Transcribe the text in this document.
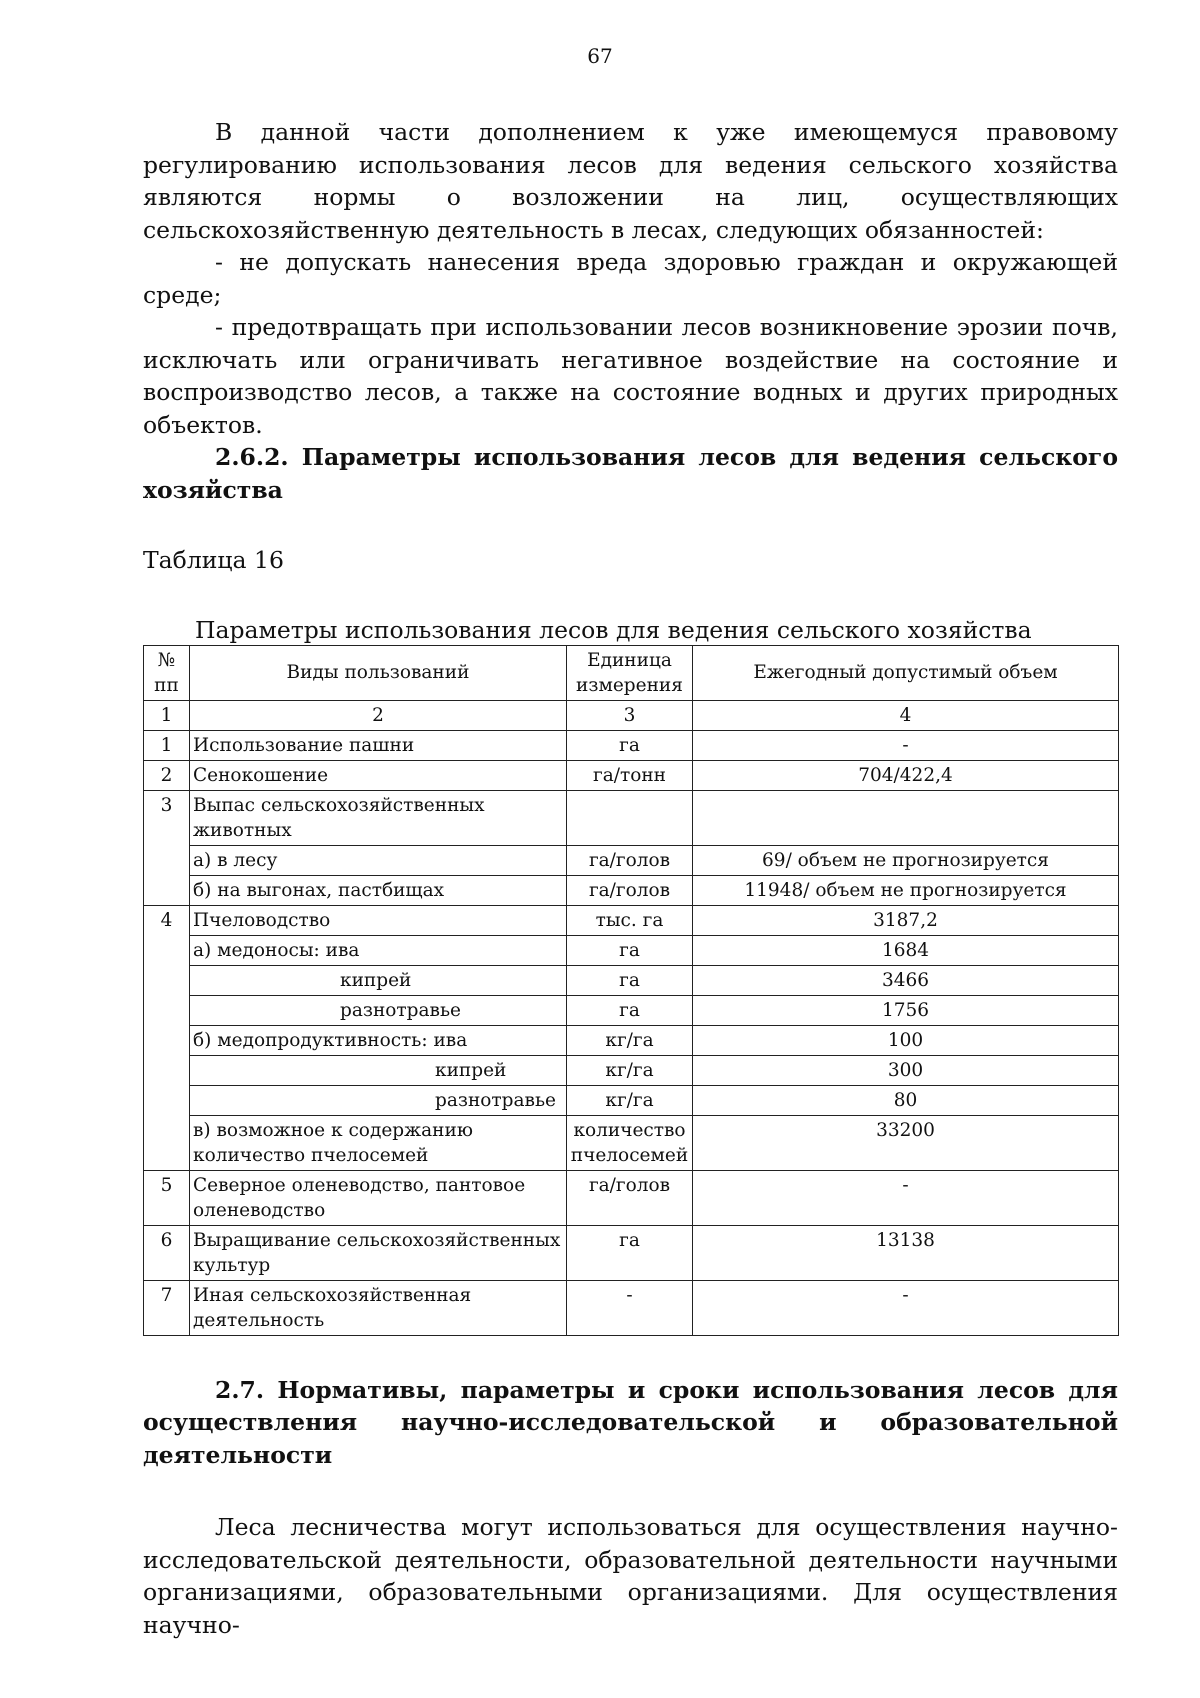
67

В данной части дополнением к уже имеющемуся правовому регулированию использования лесов для ведения сельского хозяйства являются нормы о возложении на лиц, осуществляющих сельскохозяйственную деятельность в лесах, следующих обязанностей:

- не допускать нанесения вреда здоровью граждан и окружающей среде;

- предотвращать при использовании лесов возникновение эрозии почв, исключать или ограничивать негативное воздействие на состояние и воспроизводство лесов, а также на состояние водных и других природных объектов.

2.6.2. Параметры использования лесов для ведения сельского хозяйства

Таблица 16

Параметры использования лесов для ведения сельского хозяйства

№ пп	Виды пользований	Единица измерения	Ежегодный допустимый объем
1	2	3	4
1	Использование пашни	га	-
2	Сенокошение	га/тонн	704/422,4
3	Выпас сельскохозяйственных животных		
	а) в лесу	га/голов	69/ объем не прогнозируется
	б) на выгонах, пастбищах	га/голов	11948/ объем не прогнозируется
4	Пчеловодство	тыс. га	3187,2
	а) медоносы: ива	га	1684
	кипрей	га	3466
	разнотравье	га	1756
	б) медопродуктивность: ива	кг/га	100
	кипрей	кг/га	300
	разнотравье	кг/га	80
	в) возможное к содержанию количество пчелосемей	количество пчелосемей	33200
5	Северное оленеводство, пантовое оленеводство	га/голов	-
6	Выращивание сельскохозяйственных культур	га	13138
7	Иная сельскохозяйственная деятельность	-	-
2.7. Нормативы, параметры и сроки использования лесов для осуществления научно-исследовательской и образовательной деятельности

Леса лесничества могут использоваться для осуществления научно-исследовательской деятельности, образовательной деятельности научными организациями, образовательными организациями. Для осуществления научно-
